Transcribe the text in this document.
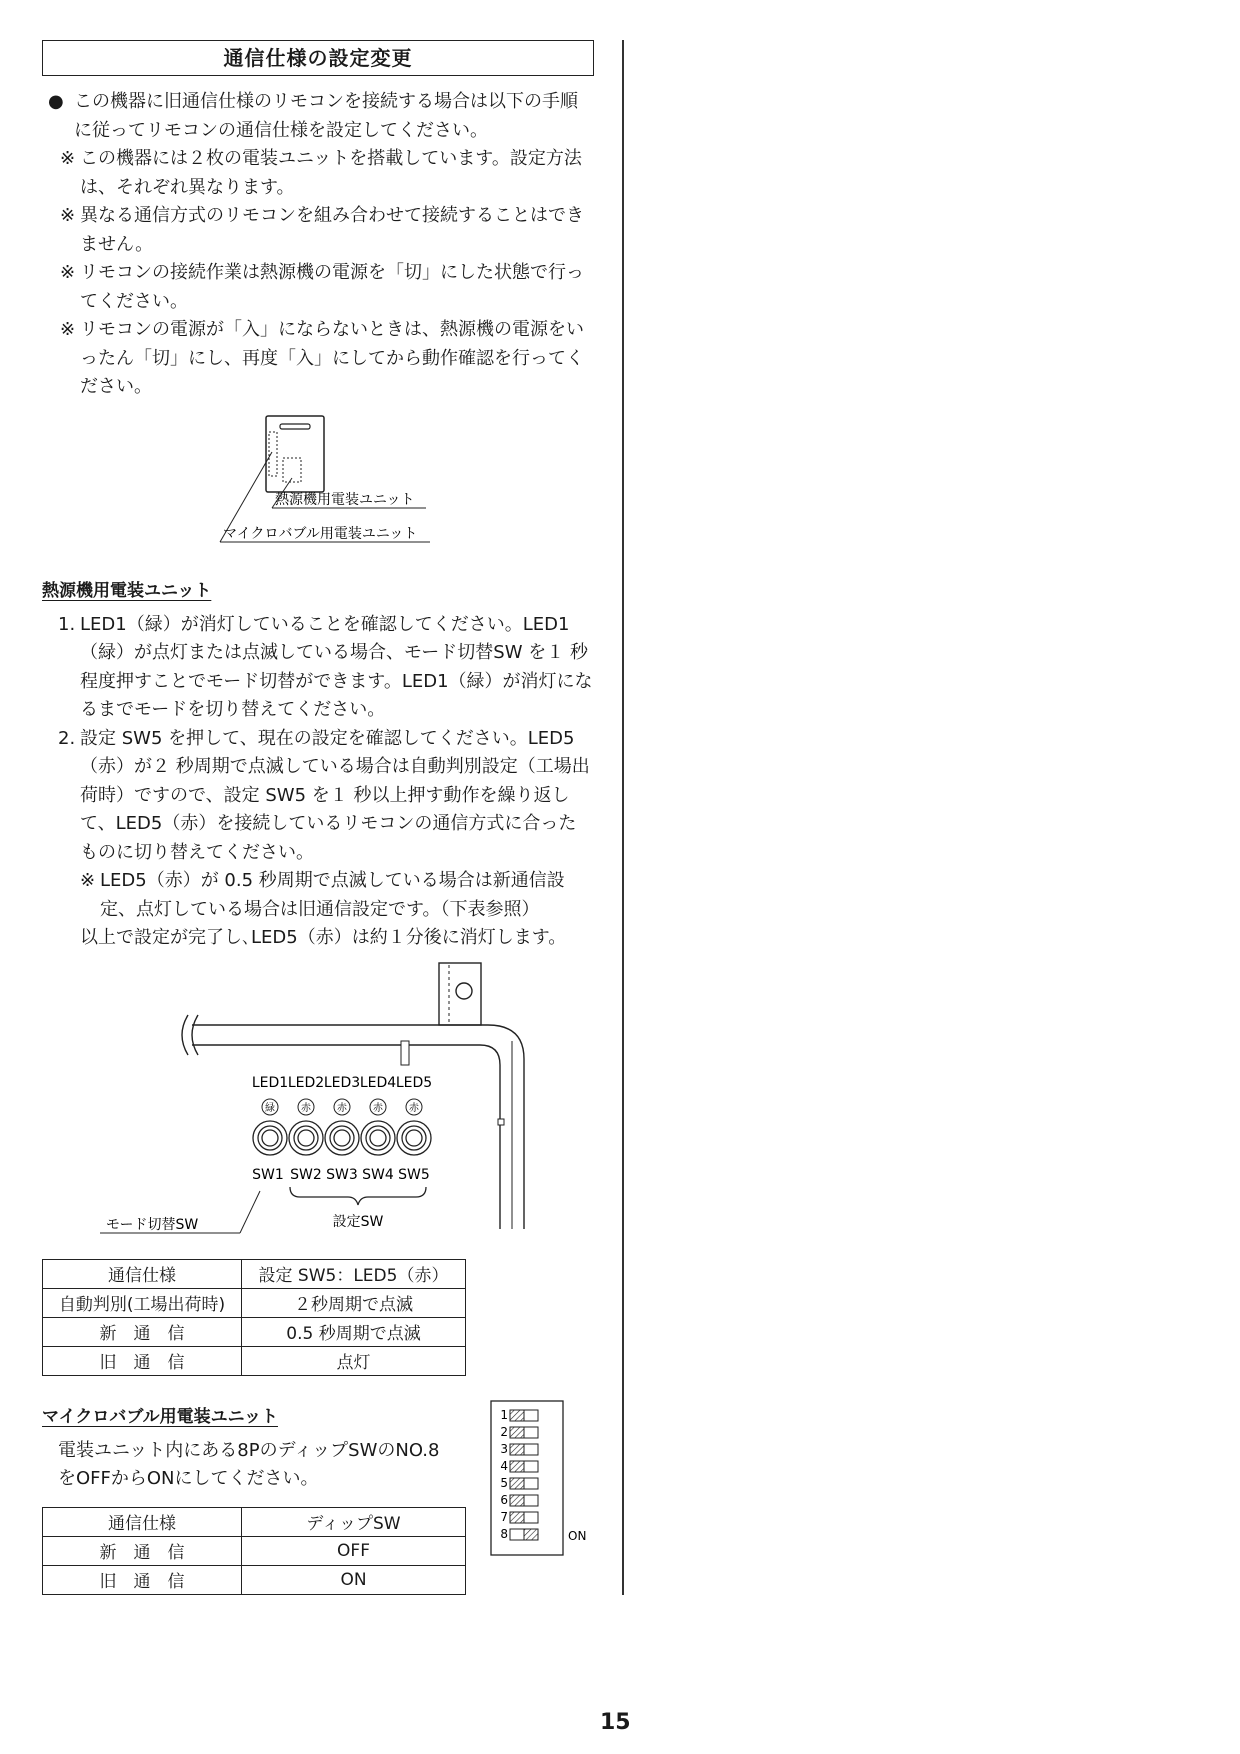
通信仕様の設定変更
● この機器に旧通信仕様のリモコンを接続する場合は以下の手順に従ってリモコンの通信仕様を設定してください。
※ この機器には２枚の電装ユニットを搭載しています。設定方法は、それぞれ異なります。
※ 異なる通信方式のリモコンを組み合わせて接続することはできません。
※ リモコンの接続作業は熱源機の電源を「切」にした状態で行ってください。
※ リモコンの電源が「入」にならないときは、熱源機の電源をいったん「切」にし、再度「入」にしてから動作確認を行ってください。
熱源機用電装ユニット
マイクロバブル用電装ユニット
熱源機用電装ユニット
1. LED1（緑）が消灯していることを確認してください。LED1（緑）が点灯または点滅している場合、モード切替SW を１ 秒程度押すことでモード切替ができます。LED1（緑）が消灯になるまでモードを切り替えてください。
2. 設定 SW5 を押して、現在の設定を確認してください。LED5（赤）が２ 秒周期で点滅している場合は自動判別設定（工場出荷時）ですので、設定 SW5 を１ 秒以上押す動作を繰り返して、LED5（赤）を接続しているリモコンの通信方式に合ったものに切り替えてください。
※ LED5（赤）が 0.5 秒周期で点滅している場合は新通信設定、点灯している場合は旧通信設定です。（下表参照）
以上で設定が完了し､LED5（赤）は約１分後に消灯します。
LED1 LED2 LED3 LED4 LED5
緑	赤	赤	赤	赤
SW1 SW2 SW3 SW4 SW5
設定SW
モード切替SW
通信仕様	設定 SW5：LED5（赤）
自動判別(工場出荷時)	２秒周期で点滅
新　通　信	0.5 秒周期で点滅
旧　通　信	点灯
マイクロバブル用電装ユニット
電装ユニット内にある8PのディップSWのNO.8をOFFからONにしてください。
通信仕様	ディップSW
新　通　信	OFF
旧　通　信	ON
1
2
3
4
5
6
7
8	ON
15
